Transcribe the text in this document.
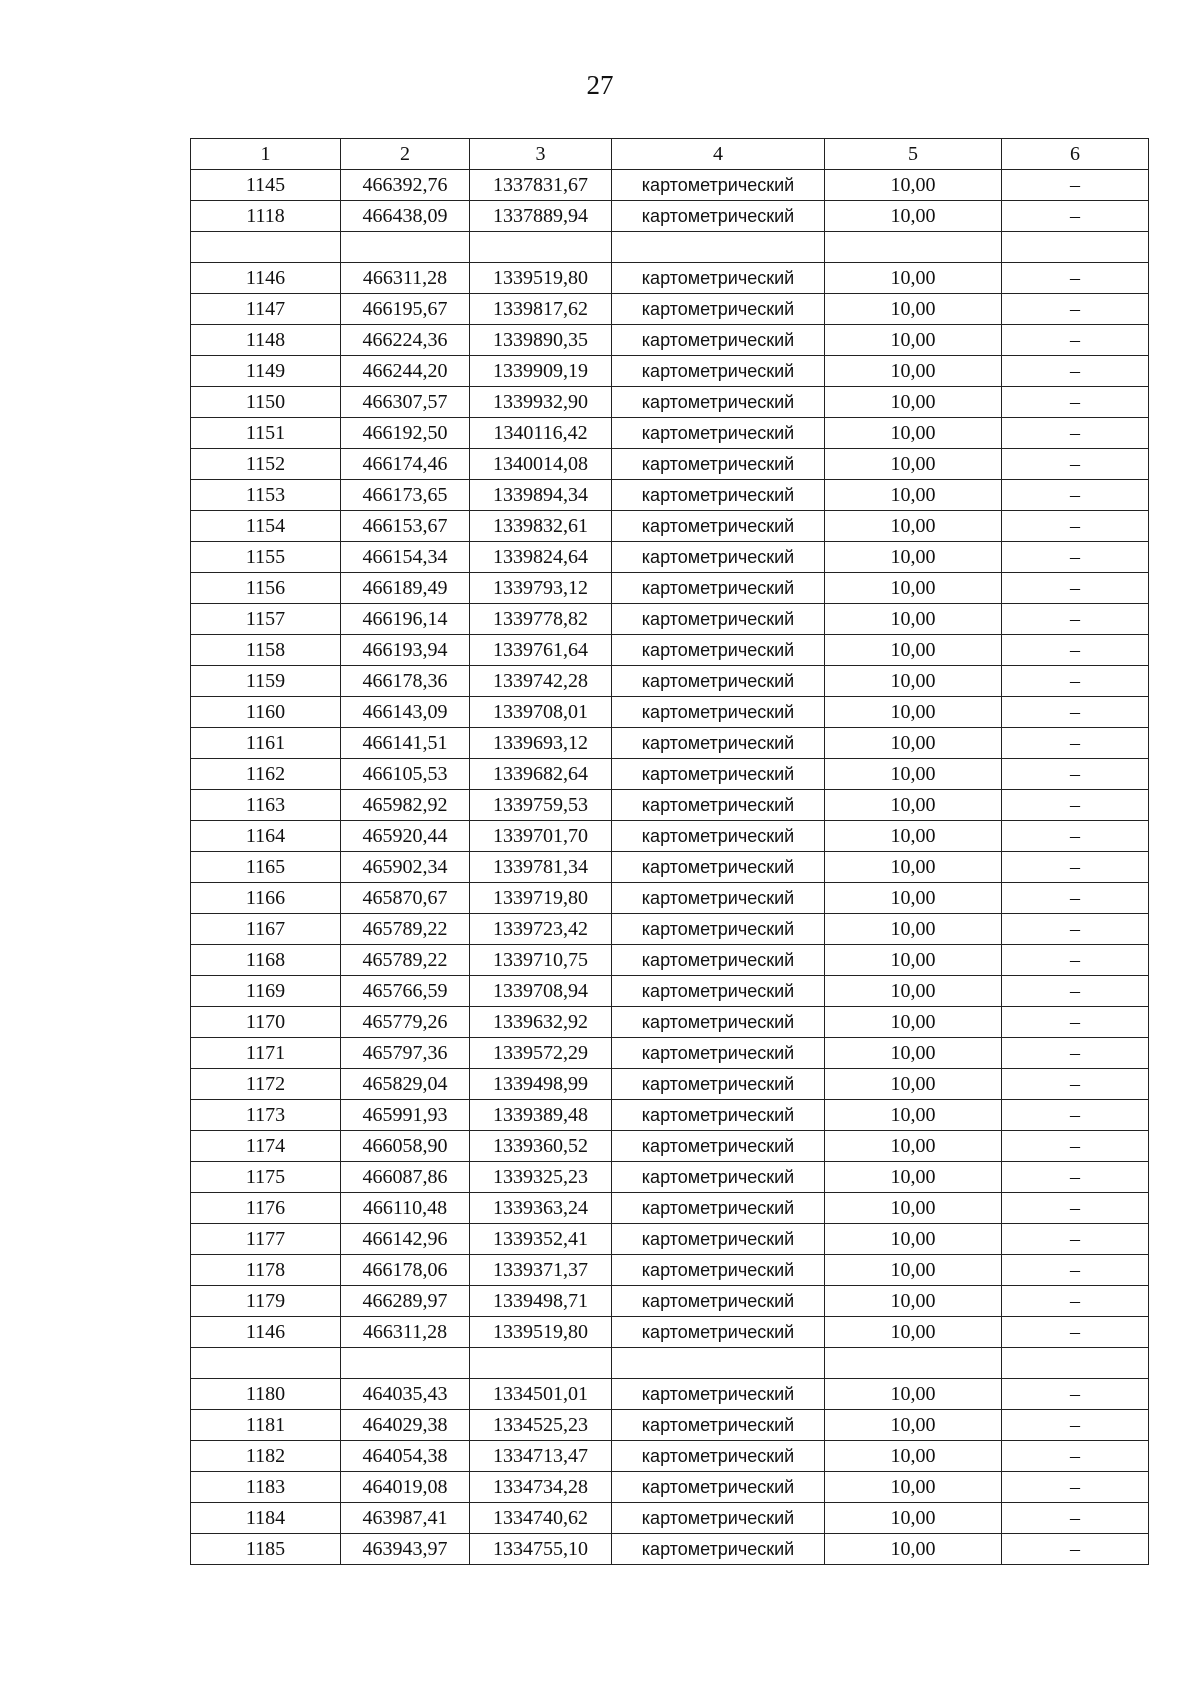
27
1	2	3	4	5	6
1145	466392,76	1337831,67	картометрический	10,00	–
1118	466438,09	1337889,94	картометрический	10,00	–

1146	466311,28	1339519,80	картометрический	10,00	–
1147	466195,67	1339817,62	картометрический	10,00	–
1148	466224,36	1339890,35	картометрический	10,00	–
1149	466244,20	1339909,19	картометрический	10,00	–
1150	466307,57	1339932,90	картометрический	10,00	–
1151	466192,50	1340116,42	картометрический	10,00	–
1152	466174,46	1340014,08	картометрический	10,00	–
1153	466173,65	1339894,34	картометрический	10,00	–
1154	466153,67	1339832,61	картометрический	10,00	–
1155	466154,34	1339824,64	картометрический	10,00	–
1156	466189,49	1339793,12	картометрический	10,00	–
1157	466196,14	1339778,82	картометрический	10,00	–
1158	466193,94	1339761,64	картометрический	10,00	–
1159	466178,36	1339742,28	картометрический	10,00	–
1160	466143,09	1339708,01	картометрический	10,00	–
1161	466141,51	1339693,12	картометрический	10,00	–
1162	466105,53	1339682,64	картометрический	10,00	–
1163	465982,92	1339759,53	картометрический	10,00	–
1164	465920,44	1339701,70	картометрический	10,00	–
1165	465902,34	1339781,34	картометрический	10,00	–
1166	465870,67	1339719,80	картометрический	10,00	–
1167	465789,22	1339723,42	картометрический	10,00	–
1168	465789,22	1339710,75	картометрический	10,00	–
1169	465766,59	1339708,94	картометрический	10,00	–
1170	465779,26	1339632,92	картометрический	10,00	–
1171	465797,36	1339572,29	картометрический	10,00	–
1172	465829,04	1339498,99	картометрический	10,00	–
1173	465991,93	1339389,48	картометрический	10,00	–
1174	466058,90	1339360,52	картометрический	10,00	–
1175	466087,86	1339325,23	картометрический	10,00	–
1176	466110,48	1339363,24	картометрический	10,00	–
1177	466142,96	1339352,41	картометрический	10,00	–
1178	466178,06	1339371,37	картометрический	10,00	–
1179	466289,97	1339498,71	картометрический	10,00	–
1146	466311,28	1339519,80	картометрический	10,00	–

1180	464035,43	1334501,01	картометрический	10,00	–
1181	464029,38	1334525,23	картометрический	10,00	–
1182	464054,38	1334713,47	картометрический	10,00	–
1183	464019,08	1334734,28	картометрический	10,00	–
1184	463987,41	1334740,62	картометрический	10,00	–
1185	463943,97	1334755,10	картометрический	10,00	–
